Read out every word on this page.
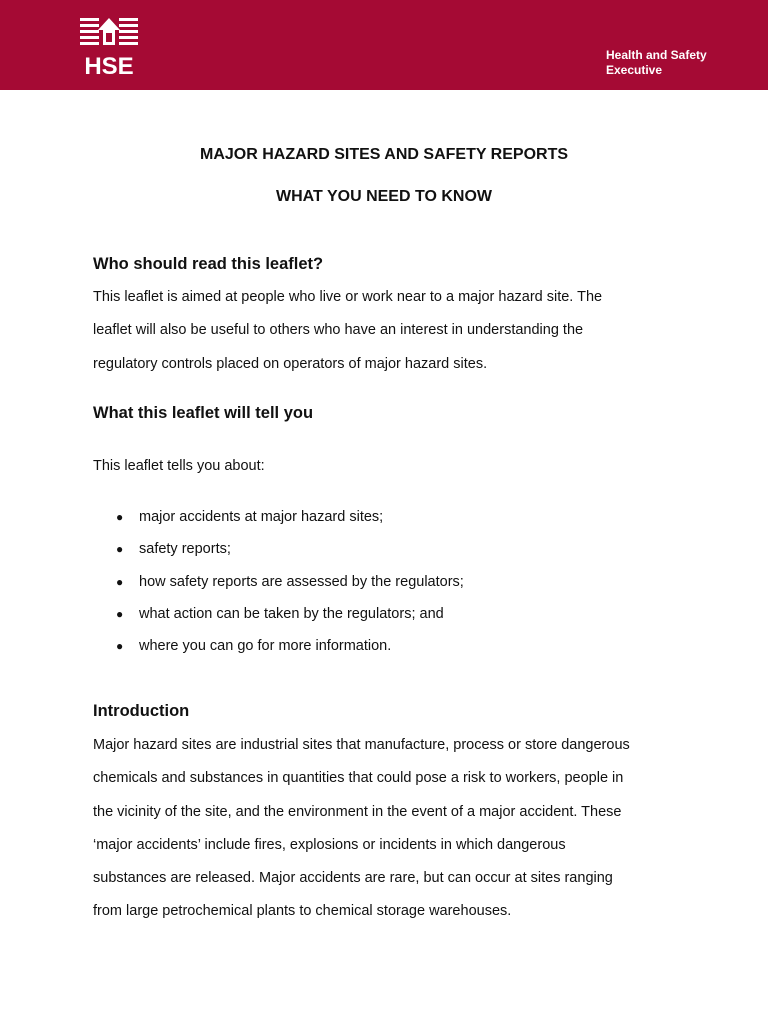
HSE	Health and Safety
Executive
MAJOR HAZARD SITES AND SAFETY REPORTS
WHAT YOU NEED TO KNOW
Who should read this leaflet?

This leaflet is aimed at people who live or work near to a major hazard site. The
leaflet will also be useful to others who have an interest in understanding the
regulatory controls placed on operators of major hazard sites.

What this leaflet will tell you

This leaflet tells you about:

● major accidents at major hazard sites;
● safety reports;
● how safety reports are assessed by the regulators;
● what action can be taken by the regulators; and
● where you can go for more information.
Introduction

Major hazard sites are industrial sites that manufacture, process or store dangerous
chemicals and substances in quantities that could pose a risk to workers, people in
the vicinity of the site, and the environment in the event of a major accident. These
‘major accidents’ include fires, explosions or incidents in which dangerous
substances are released. Major accidents are rare, but can occur at sites ranging
from large petrochemical plants to chemical storage warehouses.
